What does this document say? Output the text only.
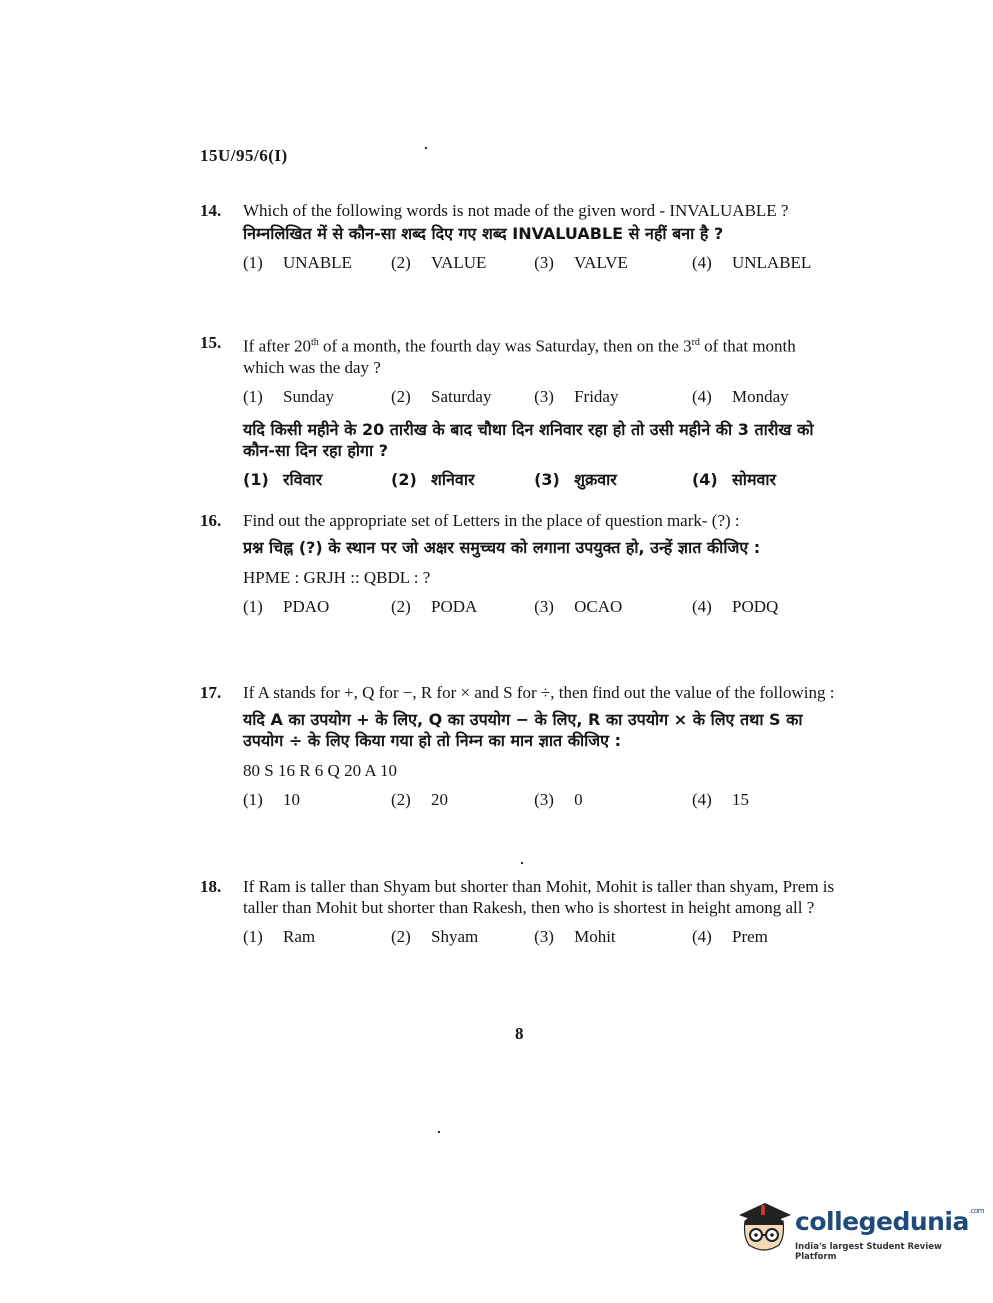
15U/95/6(I)
14. Which of the following words is not made of the given word - INVALUABLE ?
निम्नलिखित में से कौन-सा शब्द दिए गए शब्द INVALUABLE से नहीं बना है ?
(1) UNABLE	(2) VALUE	(3) VALVE	(4) UNLABEL
15. If after 20th of a month, the fourth day was Saturday, then on the 3rd of that month which was the day ?
(1) Sunday	(2) Saturday	(3) Friday	(4) Monday
यदि किसी महीने के 20 तारीख के बाद चौथा दिन शनिवार रहा हो तो उसी महीने की 3 तारीख को कौन-सा दिन रहा होगा ?
(1) रविवार	(2) शनिवार	(3) शुक्रवार	(4) सोमवार
16. Find out the appropriate set of Letters in the place of question mark- (?) :
प्रश्न चिह्न (?) के स्थान पर जो अक्षर समुच्चय को लगाना उपयुक्त हो, उन्हें ज्ञात कीजिए :
HPME : GRJH :: QBDL : ?
(1) PDAO	(2) PODA	(3) OCAO	(4) PODQ
17. If A stands for +, Q for −, R for × and S for ÷, then find out the value of the following :
यदि A का उपयोग + के लिए, Q का उपयोग − के लिए, R का उपयोग × के लिए तथा S का उपयोग ÷ के लिए किया गया हो तो निम्न का मान ज्ञात कीजिए :
80 S 16 R 6 Q 20 A 10
(1) 10	(2) 20	(3) 0	(4) 15
18. If Ram is taller than Shyam but shorter than Mohit, Mohit is taller than shyam, Prem is taller than Mohit but shorter than Rakesh, then who is shortest in height among all ?
(1) Ram	(2) Shyam	(3) Mohit	(4) Prem
8
collegedunia$^{.com}$
India's largest Student Review Platform
